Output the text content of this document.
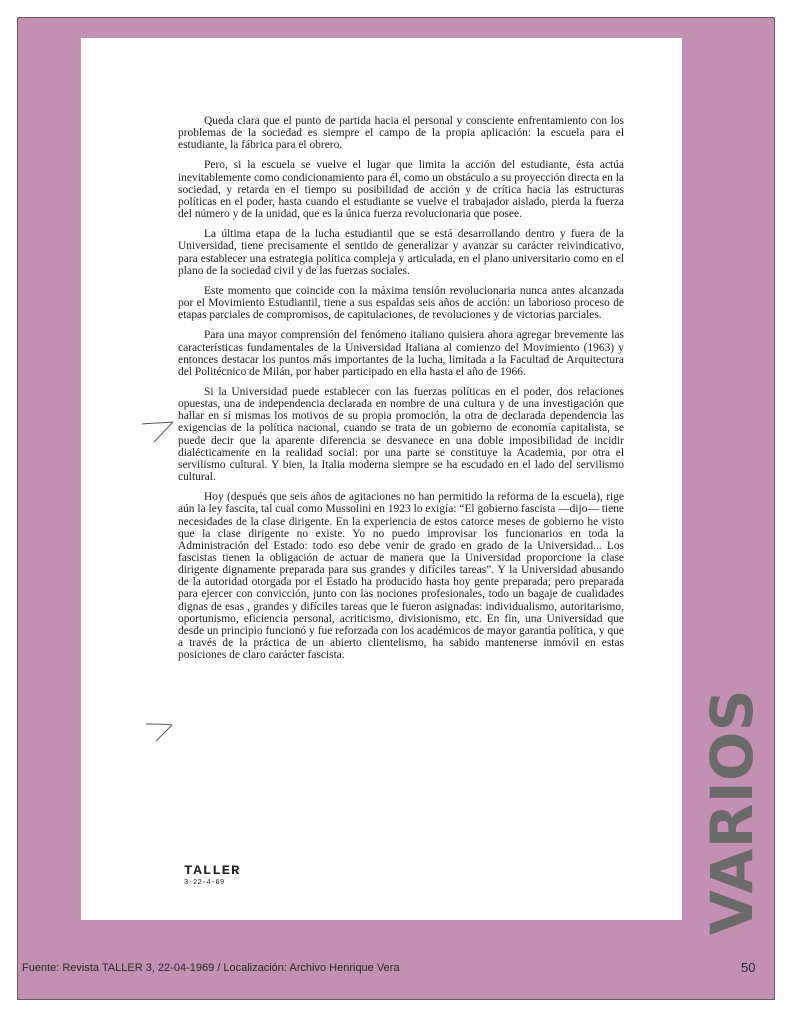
Queda clara que el punto de partida hacia el personal y consciente enfrentamiento con los problemas de la sociedad es siempre el campo de la propia aplicación: la escuela para el estudiante, la fábrica para el obrero.

Pero, si la escuela se vuelve el lugar que limita la acción del estudiante, ésta actúa inevitablemente como condicionamiento para él, como un obstáculo a su proyección directa en la sociedad, y retarda en el tiempo su posibilidad de acción y de crítica hacia las estructuras políticas en el poder, hasta cuando el estudiante se vuelve el trabajador aislado, pierda la fuerza del número y de la unidad, que es la única fuerza revolucionaria que posee.

La última etapa de la lucha estudiantil que se está desarrollando dentro y fuera de la Universidad, tiene precisamente el sentido de generalizar y avanzar su carácter reivindicativo, para establecer una estrategia política compleja y articulada, en el plano universitario como en el plano de la sociedad civil y de las fuerzas sociales.

Este momento que coincide con la máxima tensión revolucionaria nunca antes alcanzada por el Movimiento Estudiantil, tiene a sus espaldas seis años de acción: un laborioso proceso de etapas parciales de compromisos, de capitulaciones, de revoluciones y de victorias parciales.

Para una mayor comprensión del fenómeno italiano quisiera ahora agregar brevemente las características fundamentales de la Universidad Italiana al comienzo del Movimiento (1963) y entonces destacar los puntos más importantes de la lucha, limitada a la Facultad de Arquitectura del Politécnico de Milán, por haber participado en ella hasta el año de 1966.

Si la Universidad puede establecer con las fuerzas políticas en el poder, dos relaciones opuestas, una de independencia declarada en nombre de una cultura y de una investigación que hallar en sí mismas los motivos de su propia promoción, la otra de declarada dependencia las exigencias de la política nacional, cuando se trata de un gobierno de economía capitalista, se puede decir que la aparente diferencia se desvanece en una doble imposibilidad de incidir dialécticamente en la realidad social: por una parte se constituye la Academia, por otra el servilismo cultural. Y bien, la Italia moderna siempre se ha escudado en el lado del servilismo cultural.

Hoy (después que seis años de agitaciones no han permitido la reforma de la escuela), rige aún la ley fascita, tal cual como Mussolini en 1923 lo exigía: “El gobierno fascista —dijo— tiene necesidades de la clase dirigente. En la experiencia de estos catorce meses de gobierno he visto que la clase dirigente no existe. Yo no puedo improvisar los funcionarios en toda la Administración del Estado: todo eso debe venir de grado en grado de la Universidad... Los fascistas tienen la obligación de actuar de manera que la Universidad proporcione la clase dirigente dignamente preparada para sus grandes y difíciles tareas”. Y la Universidad abusando de la autoridad otorgada por el Estado ha producido hasta hoy gente preparada; pero preparada para ejercer con convicción, junto con las nociones profesionales, todo un bagaje de cualidades dignas de esas , grandes y difíciles tareas que le fueron asignadas: individualismo, autoritarismo, oportunismo, eficiencia personal, acriticismo, divisionismo, etc. En fin, una Universidad que desde un principio funcionó y fue reforzada con los académicos de mayor garantía política, y que a través de la práctica de un abierto clientelismo, ha sabido mantenerse inmóvil en estas posiciones de claro carácter fascista.

TALLER
3-22-4-69	VARIOS
Fuente: Revista TALLER 3, 22-04-1969 / Localización: Archivo Henrique Vera	50
